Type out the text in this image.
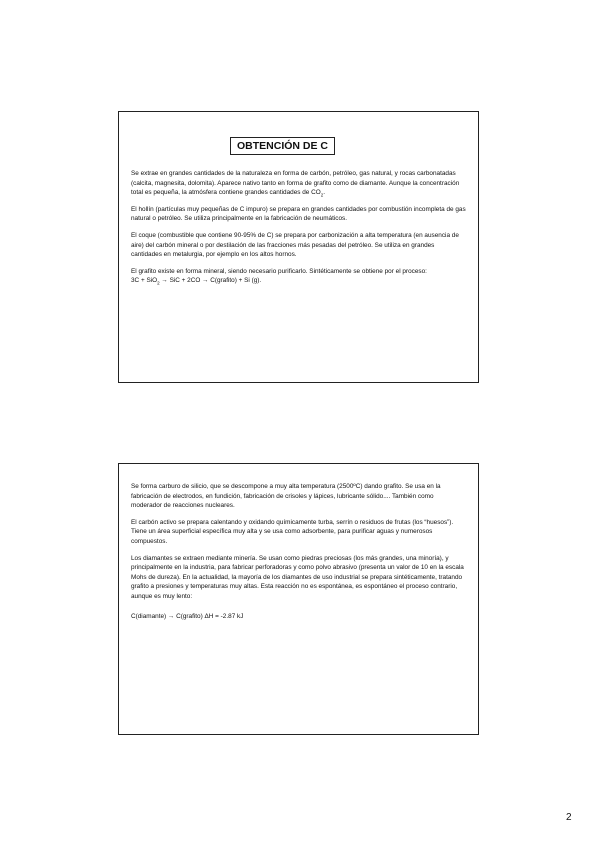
OBTENCIÓN DE C

Se extrae en grandes cantidades de la naturaleza en forma de carbón, petróleo, gas natural, y rocas carbonatadas (calcita, magnesita, dolomita). Aparece nativo tanto en forma de grafito como de diamante. Aunque la concentración total es pequeña, la atmósfera contiene grandes cantidades de $CO_2$.

El hollín (partículas muy pequeñas de C impuro) se prepara en grandes cantidades por combustión incompleta de gas natural o petróleo. Se utiliza principalmente en la fabricación de neumáticos.

El coque (combustible que contiene 90-95% de C) se prepara por carbonización a alta temperatura (en ausencia de aire) del carbón mineral o por destilación de las fracciones más pesadas del petróleo. Se utiliza en grandes cantidades en metalurgia, por ejemplo en los altos hornos.

El grafito existe en forma mineral, siendo necesario purificarlo. Sintéticamente se obtiene por el proceso:

3C + SiO$_2$ → SiC + 2CO → C(grafito) + Si (g).

Se forma carburo de silicio, que se descompone a muy alta temperatura (2500ºC) dando grafito. Se usa en la fabricación de electrodos, en fundición, fabricación de crisoles y lápices, lubricante sólido.... También como moderador de reacciones nucleares.

El carbón activo se prepara calentando y oxidando químicamente turba, serrín o residuos de frutas (los “huesos”). Tiene un área superficial específica muy alta y se usa como adsorbente, para purificar aguas y numerosos compuestos.

Los diamantes se extraen mediante minería. Se usan como piedras preciosas (los más grandes, una minoría), y principalmente en la industria, para fabricar perforadoras y como polvo abrasivo (presenta un valor de 10 en la escala Mohs de dureza). En la actualidad, la mayoría de los diamantes de uso industrial se prepara sintéticamente, tratando grafito a presiones y temperaturas muy altas. Esta reacción no es espontánea, es espontáneo el proceso contrario, aunque es muy lento:

C(diamante) → C(grafito) ΔH = -2.87 kJ

2
